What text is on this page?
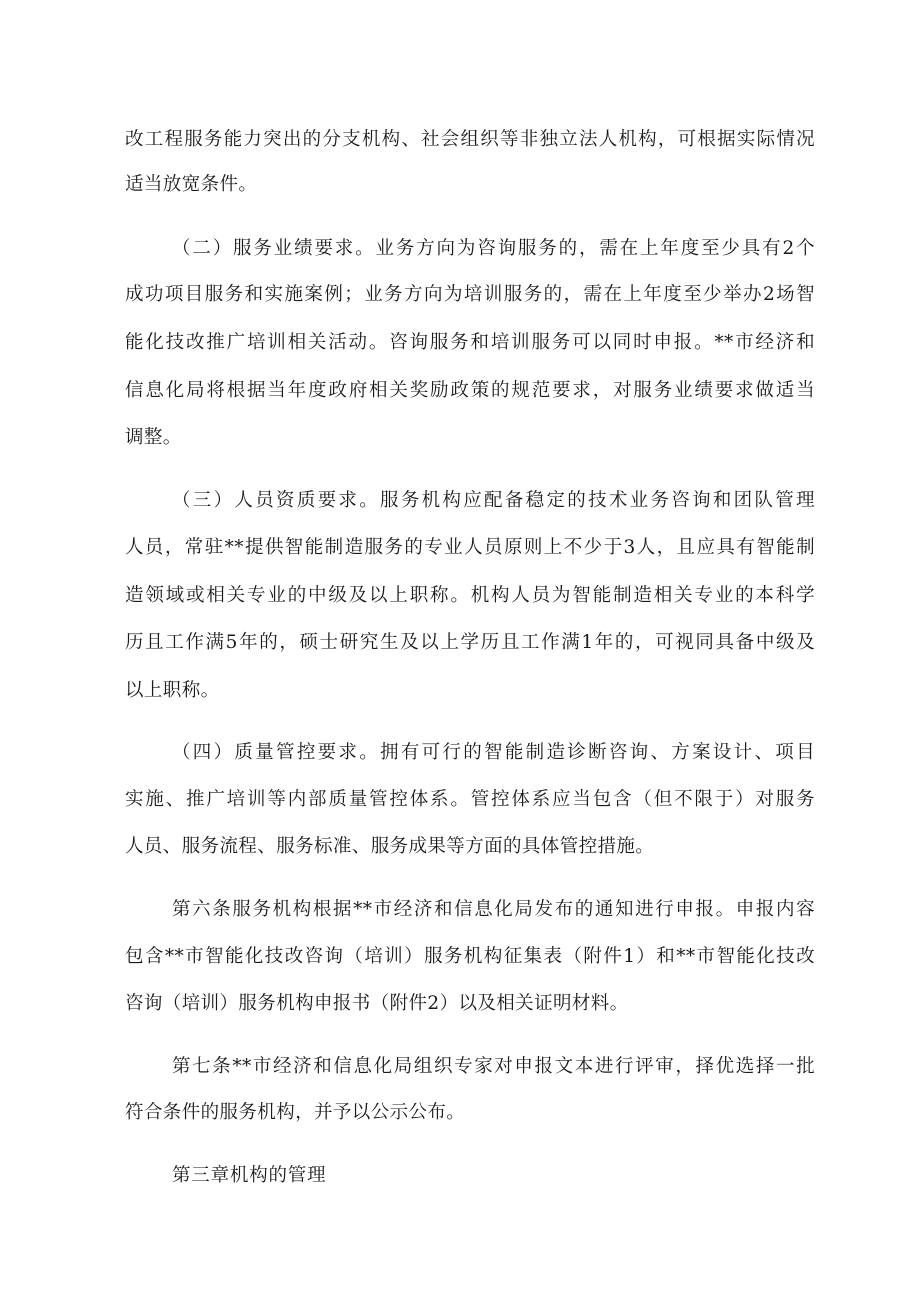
改工程服务能力突出的分支机构、社会组织等非独立法人机构，可根据实际情况
适当放宽条件。
（二）服务业绩要求。业务方向为咨询服务的，需在上年度至少具有2个
成功项目服务和实施案例；业务方向为培训服务的，需在上年度至少举办2场智
能化技改推广培训相关活动。咨询服务和培训服务可以同时申报。**市经济和
信息化局将根据当年度政府相关奖励政策的规范要求，对服务业绩要求做适当
调整。
（三）人员资质要求。服务机构应配备稳定的技术业务咨询和团队管理
人员，常驻**提供智能制造服务的专业人员原则上不少于3人，且应具有智能制
造领域或相关专业的中级及以上职称。机构人员为智能制造相关专业的本科学
历且工作满5年的，硕士研究生及以上学历且工作满1年的，可视同具备中级及
以上职称。
（四）质量管控要求。拥有可行的智能制造诊断咨询、方案设计、项目
实施、推广培训等内部质量管控体系。管控体系应当包含（但不限于）对服务
人员、服务流程、服务标准、服务成果等方面的具体管控措施。
第六条服务机构根据**市经济和信息化局发布的通知进行申报。申报内容
包含**市智能化技改咨询（培训）服务机构征集表（附件1）和**市智能化技改
咨询（培训）服务机构申报书（附件2）以及相关证明材料。
第七条**市经济和信息化局组织专家对申报文本进行评审，择优选择一批
符合条件的服务机构，并予以公示公布。
第三章机构的管理
